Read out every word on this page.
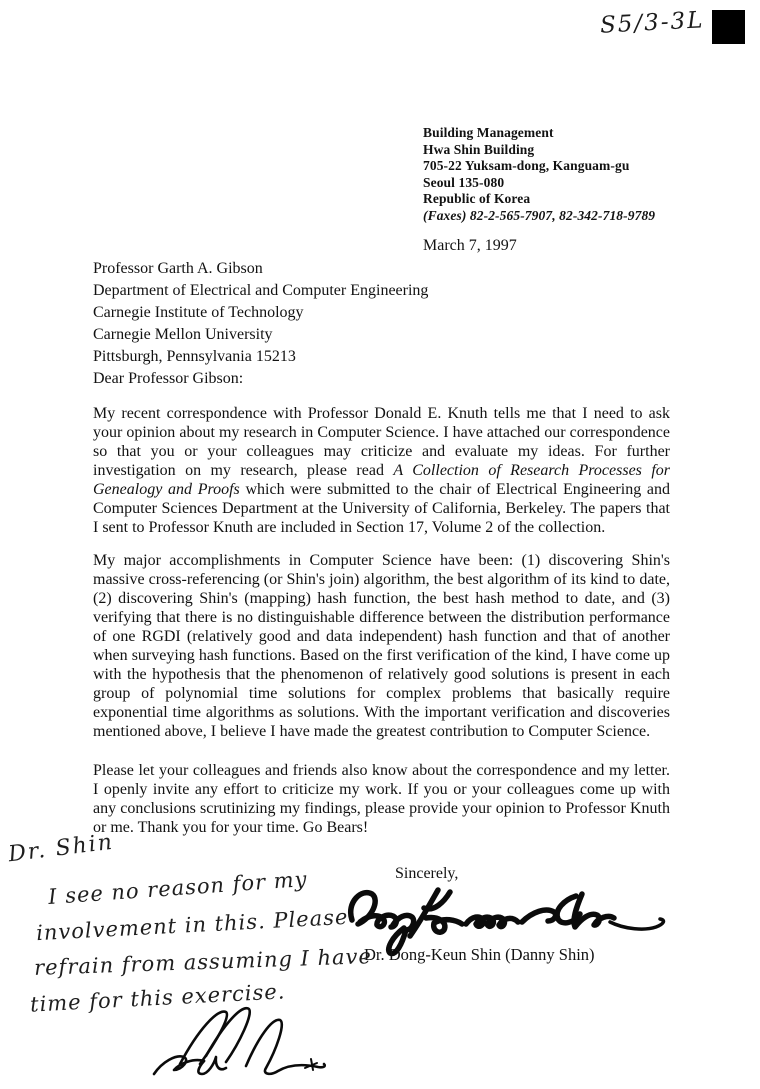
S5/3-3L
Building Management
Hwa Shin Building
705-22 Yuksam-dong, Kanguam-gu
Seoul 135-080
Republic of Korea
(Faxes) 82-2-565-7907, 82-342-718-9789
March 7, 1997
Professor Garth A. Gibson
Department of Electrical and Computer Engineering
Carnegie Institute of Technology
Carnegie Mellon University
Pittsburgh, Pennsylvania 15213
Dear Professor Gibson:
My recent correspondence with Professor Donald E. Knuth tells me that I need to ask your opinion about my research in Computer Science. I have attached our correspondence so that you or your colleagues may criticize and evaluate my ideas. For further investigation on my research, please read A Collection of Research Processes for Genealogy and Proofs which were submitted to the chair of Electrical Engineering and Computer Sciences Department at the University of California, Berkeley. The papers that I sent to Professor Knuth are included in Section 17, Volume 2 of the collection.
My major accomplishments in Computer Science have been: (1) discovering Shin's massive cross-referencing (or Shin's join) algorithm, the best algorithm of its kind to date, (2) discovering Shin's (mapping) hash function, the best hash method to date, and (3) verifying that there is no distinguishable difference between the distribution performance of one RGDI (relatively good and data independent) hash function and that of another when surveying hash functions. Based on the first verification of the kind, I have come up with the hypothesis that the phenomenon of relatively good solutions is present in each group of polynomial time solutions for complex problems that basically require exponential time algorithms as solutions. With the important verification and discoveries mentioned above, I believe I have made the greatest contribution to Computer Science.
Please let your colleagues and friends also know about the correspondence and my letter. I openly invite any effort to criticize my work. If you or your colleagues come up with any conclusions scrutinizing my findings, please provide your opinion to Professor Knuth or me. Thank you for your time. Go Bears!
Sincerely,
Dr. Dong-Keun Shin (Danny Shin)
Dr. Shin
I see no reason for my
involvement in this. Please
refrain from assuming I have
time for this exercise.
